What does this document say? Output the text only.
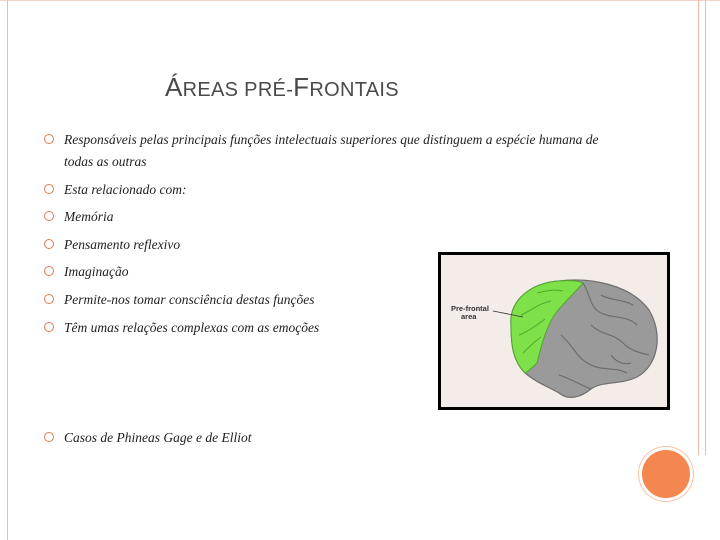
ÁREAS PRÉ-FRONTAIS
Responsáveis pelas principais funções intelectuais superiores que distinguem a espécie humana de todas as outras
Esta relacionado com:
Memória
Pensamento reflexivo
Imaginação
Permite-nos tomar consciência destas funções
Têm umas relações complexas com as emoções
Casos de Phineas Gage e de Elliot
Pre-frontal
area
